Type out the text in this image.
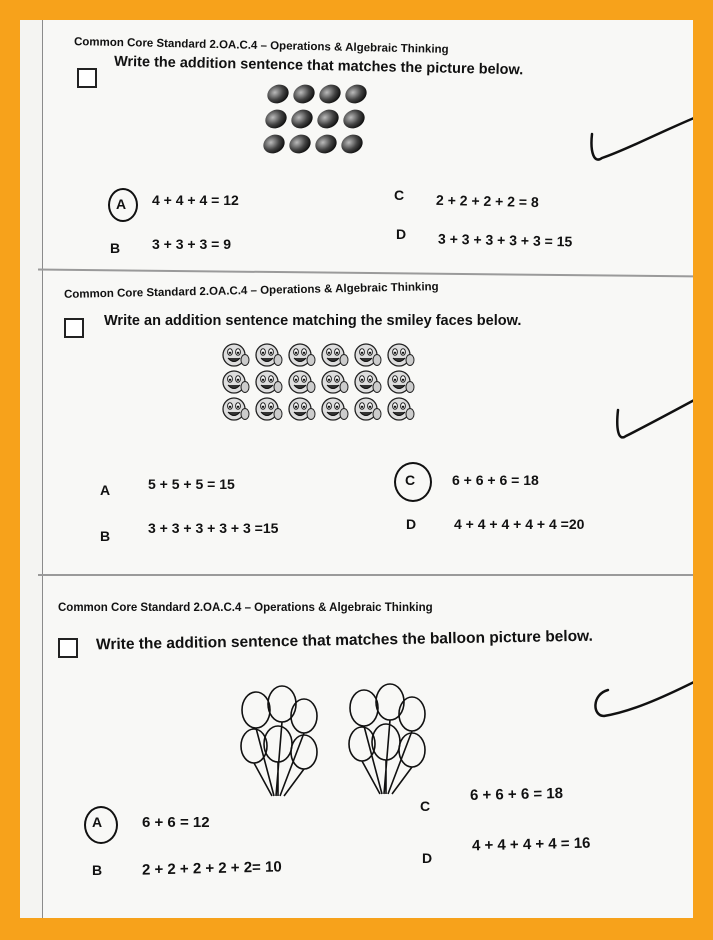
Common Core Standard 2.OA.C.4 – Operations & Algebraic Thinking
Write the addition sentence that matches the picture below.
A 4 + 4 + 4 = 12
B 3 + 3 + 3 = 9
C 2 + 2 + 2 + 2 = 8
D 3 + 3 + 3 + 3 + 3 = 15
Common Core Standard 2.OA.C.4 – Operations & Algebraic Thinking
Write an addition sentence matching the smiley faces below.
A	5 + 5 + 5 = 15
B	3 + 3 + 3 + 3 + 3 =15
C	6 + 6 + 6 = 18
D	4 + 4 + 4 + 4 + 4 =20
Common Core Standard 2.OA.C.4 – Operations & Algebraic Thinking
Write the addition sentence that matches the balloon picture below.
A	6 + 6 = 12
B	2 + 2 + 2 + 2 + 2= 10
C
6 + 6 + 6 = 18
D
4 + 4 + 4 + 4 = 16
